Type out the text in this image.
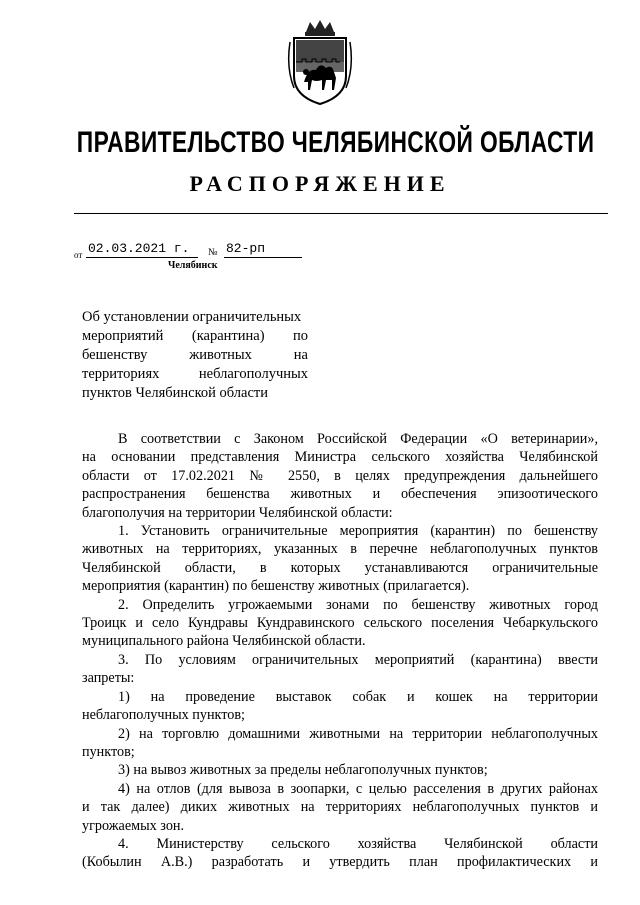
ПРАВИТЕЛЬСТВО ЧЕЛЯБИНСКОЙ ОБЛАСТИ
РАСПОРЯЖЕНИЕ
от 02.03.2021 г.	№ 82-рп
Челябинск
Об установлении ограничительных
мероприятий (карантина) по
бешенству животных на
территориях неблагополучных
пунктов Челябинской области
В соответствии с Законом Российской Федерации «О ветеринарии»,
на основании представления Министра сельского хозяйства Челябинской
области от 17.02.2021 № 2550, в целях предупреждения дальнейшего
распространения бешенства животных и обеспечения эпизоотического
благополучия на территории Челябинской области:
1. Установить ограничительные мероприятия (карантин) по бешенству
животных на территориях, указанных в перечне неблагополучных пунктов
Челябинской области, в которых устанавливаются ограничительные
мероприятия (карантин) по бешенству животных (прилагается).
2. Определить угрожаемыми зонами по бешенству животных город
Троицк и село Кундравы Кундравинского сельского поселения Чебаркульского
муниципального района Челябинской области.
3. По условиям ограничительных мероприятий (карантина) ввести
запреты:
1) на проведение выставок собак и кошек на территории
неблагополучных пунктов;
2) на торговлю домашними животными на территории неблагополучных
пунктов;
3) на вывоз животных за пределы неблагополучных пунктов;
4) на отлов (для вывоза в зоопарки, с целью расселения в других районах
и так далее) диких животных на территориях неблагополучных пунктов и
угрожаемых зон.
4. Министерству сельского хозяйства Челябинской области
(Кобылин А.В.) разработать и утвердить план профилактических и
